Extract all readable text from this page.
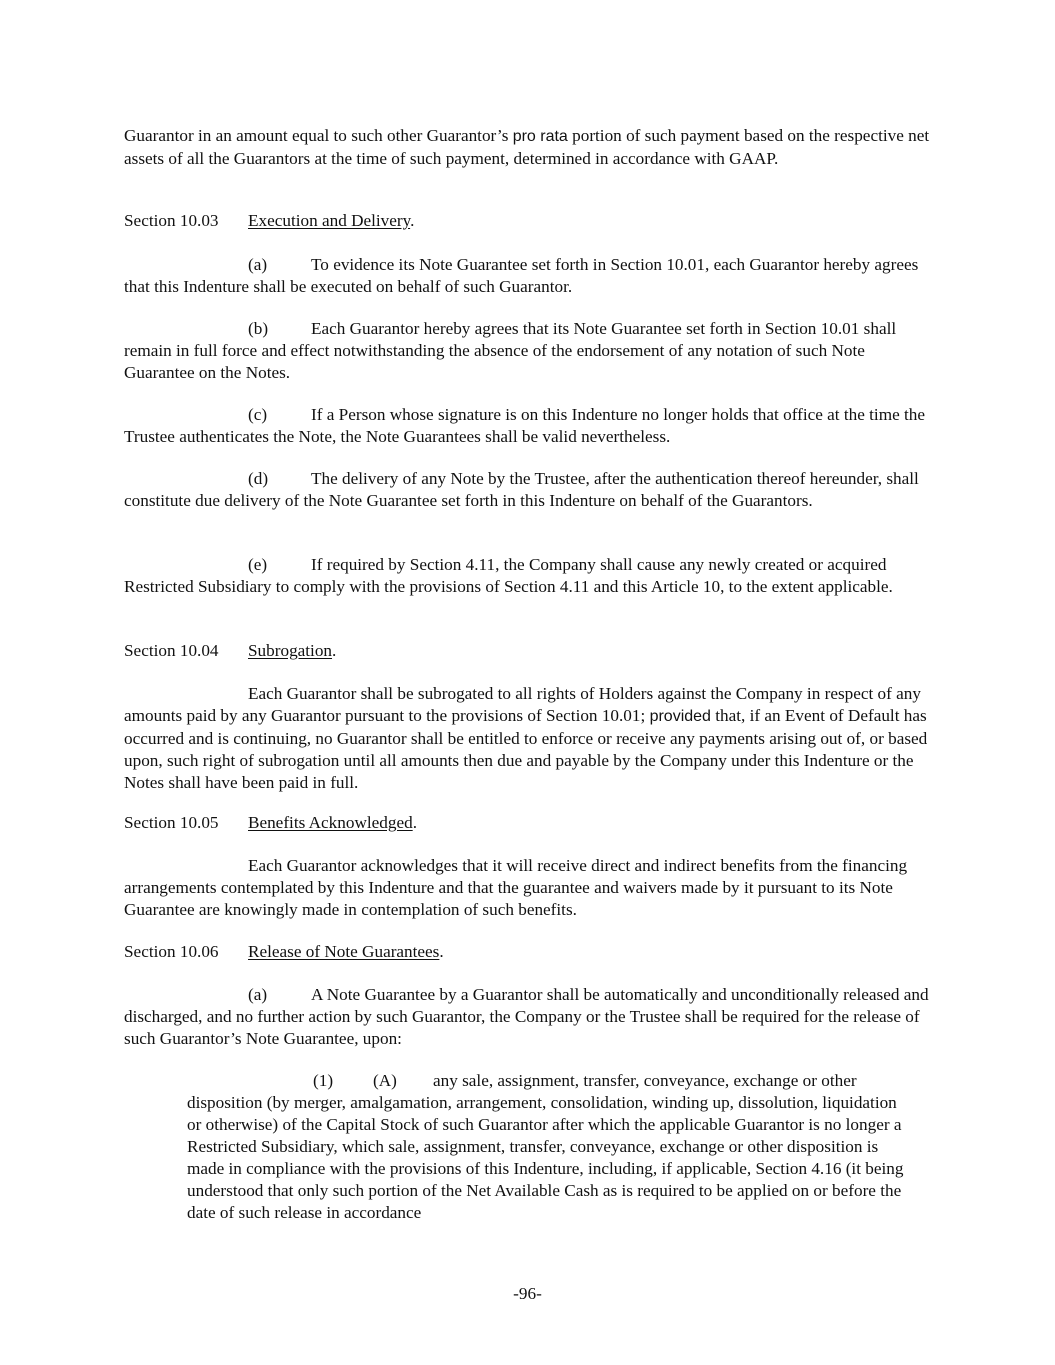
Guarantor in an amount equal to such other Guarantor’s pro rata portion of such payment based on the respective net assets of all the Guarantors at the time of such payment, determined in accordance with GAAP.

Section 10.03 Execution and Delivery.

(a)	To evidence its Note Guarantee set forth in Section 10.01, each Guarantor hereby agrees that this Indenture shall be executed on behalf of such Guarantor.

(b) Each Guarantor hereby agrees that its Note Guarantee set forth in Section 10.01 shall remain in full force and effect notwithstanding the absence of the endorsement of any notation of such Note Guarantee on the Notes.

(c)	If a Person whose signature is on this Indenture no longer holds that office at the time the Trustee authenticates the Note, the Note Guarantees shall be valid nevertheless.

(d) The delivery of any Note by the Trustee, after the authentication thereof hereunder, shall constitute due delivery of the Note Guarantee set forth in this Indenture on behalf of the Guarantors.

(e)	If required by Section 4.11, the Company shall cause any newly created or acquired Restricted Subsidiary to comply with the provisions of Section 4.11 and this Article 10, to the extent applicable.

Section 10.04 Subrogation.

Each Guarantor shall be subrogated to all rights of Holders against the Company in respect of any amounts paid by any Guarantor pursuant to the provisions of Section 10.01; provided that, if an Event of Default has occurred and is continuing, no Guarantor shall be entitled to enforce or receive any payments arising out of, or based upon, such right of subrogation until all amounts then due and payable by the Company under this Indenture or the Notes shall have been paid in full.

Section 10.05 Benefits Acknowledged.

Each Guarantor acknowledges that it will receive direct and indirect benefits from the financing arrangements contemplated by this Indenture and that the guarantee and waivers made by it pursuant to its Note Guarantee are knowingly made in contemplation of such benefits.

Section 10.06 Release of Note Guarantees.

(a)	A Note Guarantee by a Guarantor shall be automatically and unconditionally released and discharged, and no further action by such Guarantor, the Company or the Trustee shall be required for the release of such Guarantor’s Note Guarantee, upon:

(1) (A) any sale, assignment, transfer, conveyance, exchange or other disposition (by merger, amalgamation, arrangement, consolidation, winding up, dissolution, liquidation or otherwise) of the Capital Stock of such Guarantor after which the applicable Guarantor is no longer a Restricted Subsidiary, which sale, assignment, transfer, conveyance, exchange or other disposition is made in compliance with the provisions of this Indenture, including, if applicable, Section 4.16 (it being understood that only such portion of the Net Available Cash as is required to be applied on or before the date of such release in accordance

-96-
